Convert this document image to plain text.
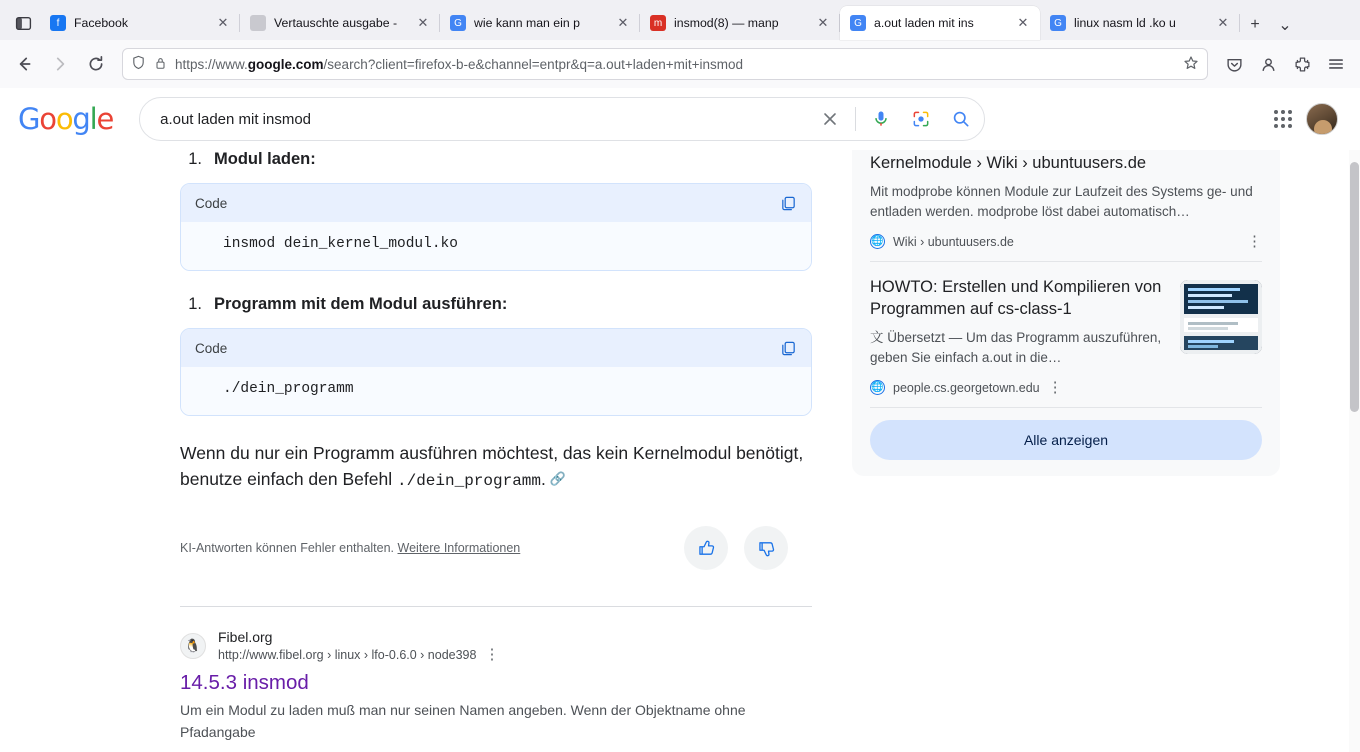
f	Facebook	✕	Vertauschte ausgabe -	✕	G wie kann man ein p	✕	m insmod(8) — manp	✕	G a.out laden mit ins	✕	G linux nasm ld .ko u	✕	+	⌄
https://www.google.com/search?client=firefox-b-e&channel=entpr&q=a.out+laden+mit+insmod
Google	a.out laden mit insmod
1. Modul laden:
Code
insmod dein_kernel_modul.ko
1. Programm mit dem Modul ausführen:
Code
./dein_programm

Wenn du nur ein Programm ausführen möchtest, das kein Kernelmodul benötigt, benutze einfach den Befehl ./dein_programm. 🔗

KI-Antworten können Fehler enthalten. Weitere Informationen
🐧
Fibel.org

http://www.fibel.org › linux › lfo-0.6.0 › node398 ⋮
14.5.3 insmod
Um ein Modul zu laden muß man nur seinen Namen angeben. Wenn der Objektname ohne Pfadangabe
Kernelmodule › Wiki › ubuntuusers.de
Mit modprobe können Module zur Laufzeit des Systems ge- und entladen werden. modprobe löst dabei automatisch…
🌐 Wiki › ubuntuusers.de	⋮
HOWTO: Erstellen und Kompilieren von Programmen auf cs-class-1
文 Übersetzt — Um das Programm auszuführen, geben Sie einfach a.out in die…
🌐 people.cs.georgetown.edu ⋮
Alle anzeigen
